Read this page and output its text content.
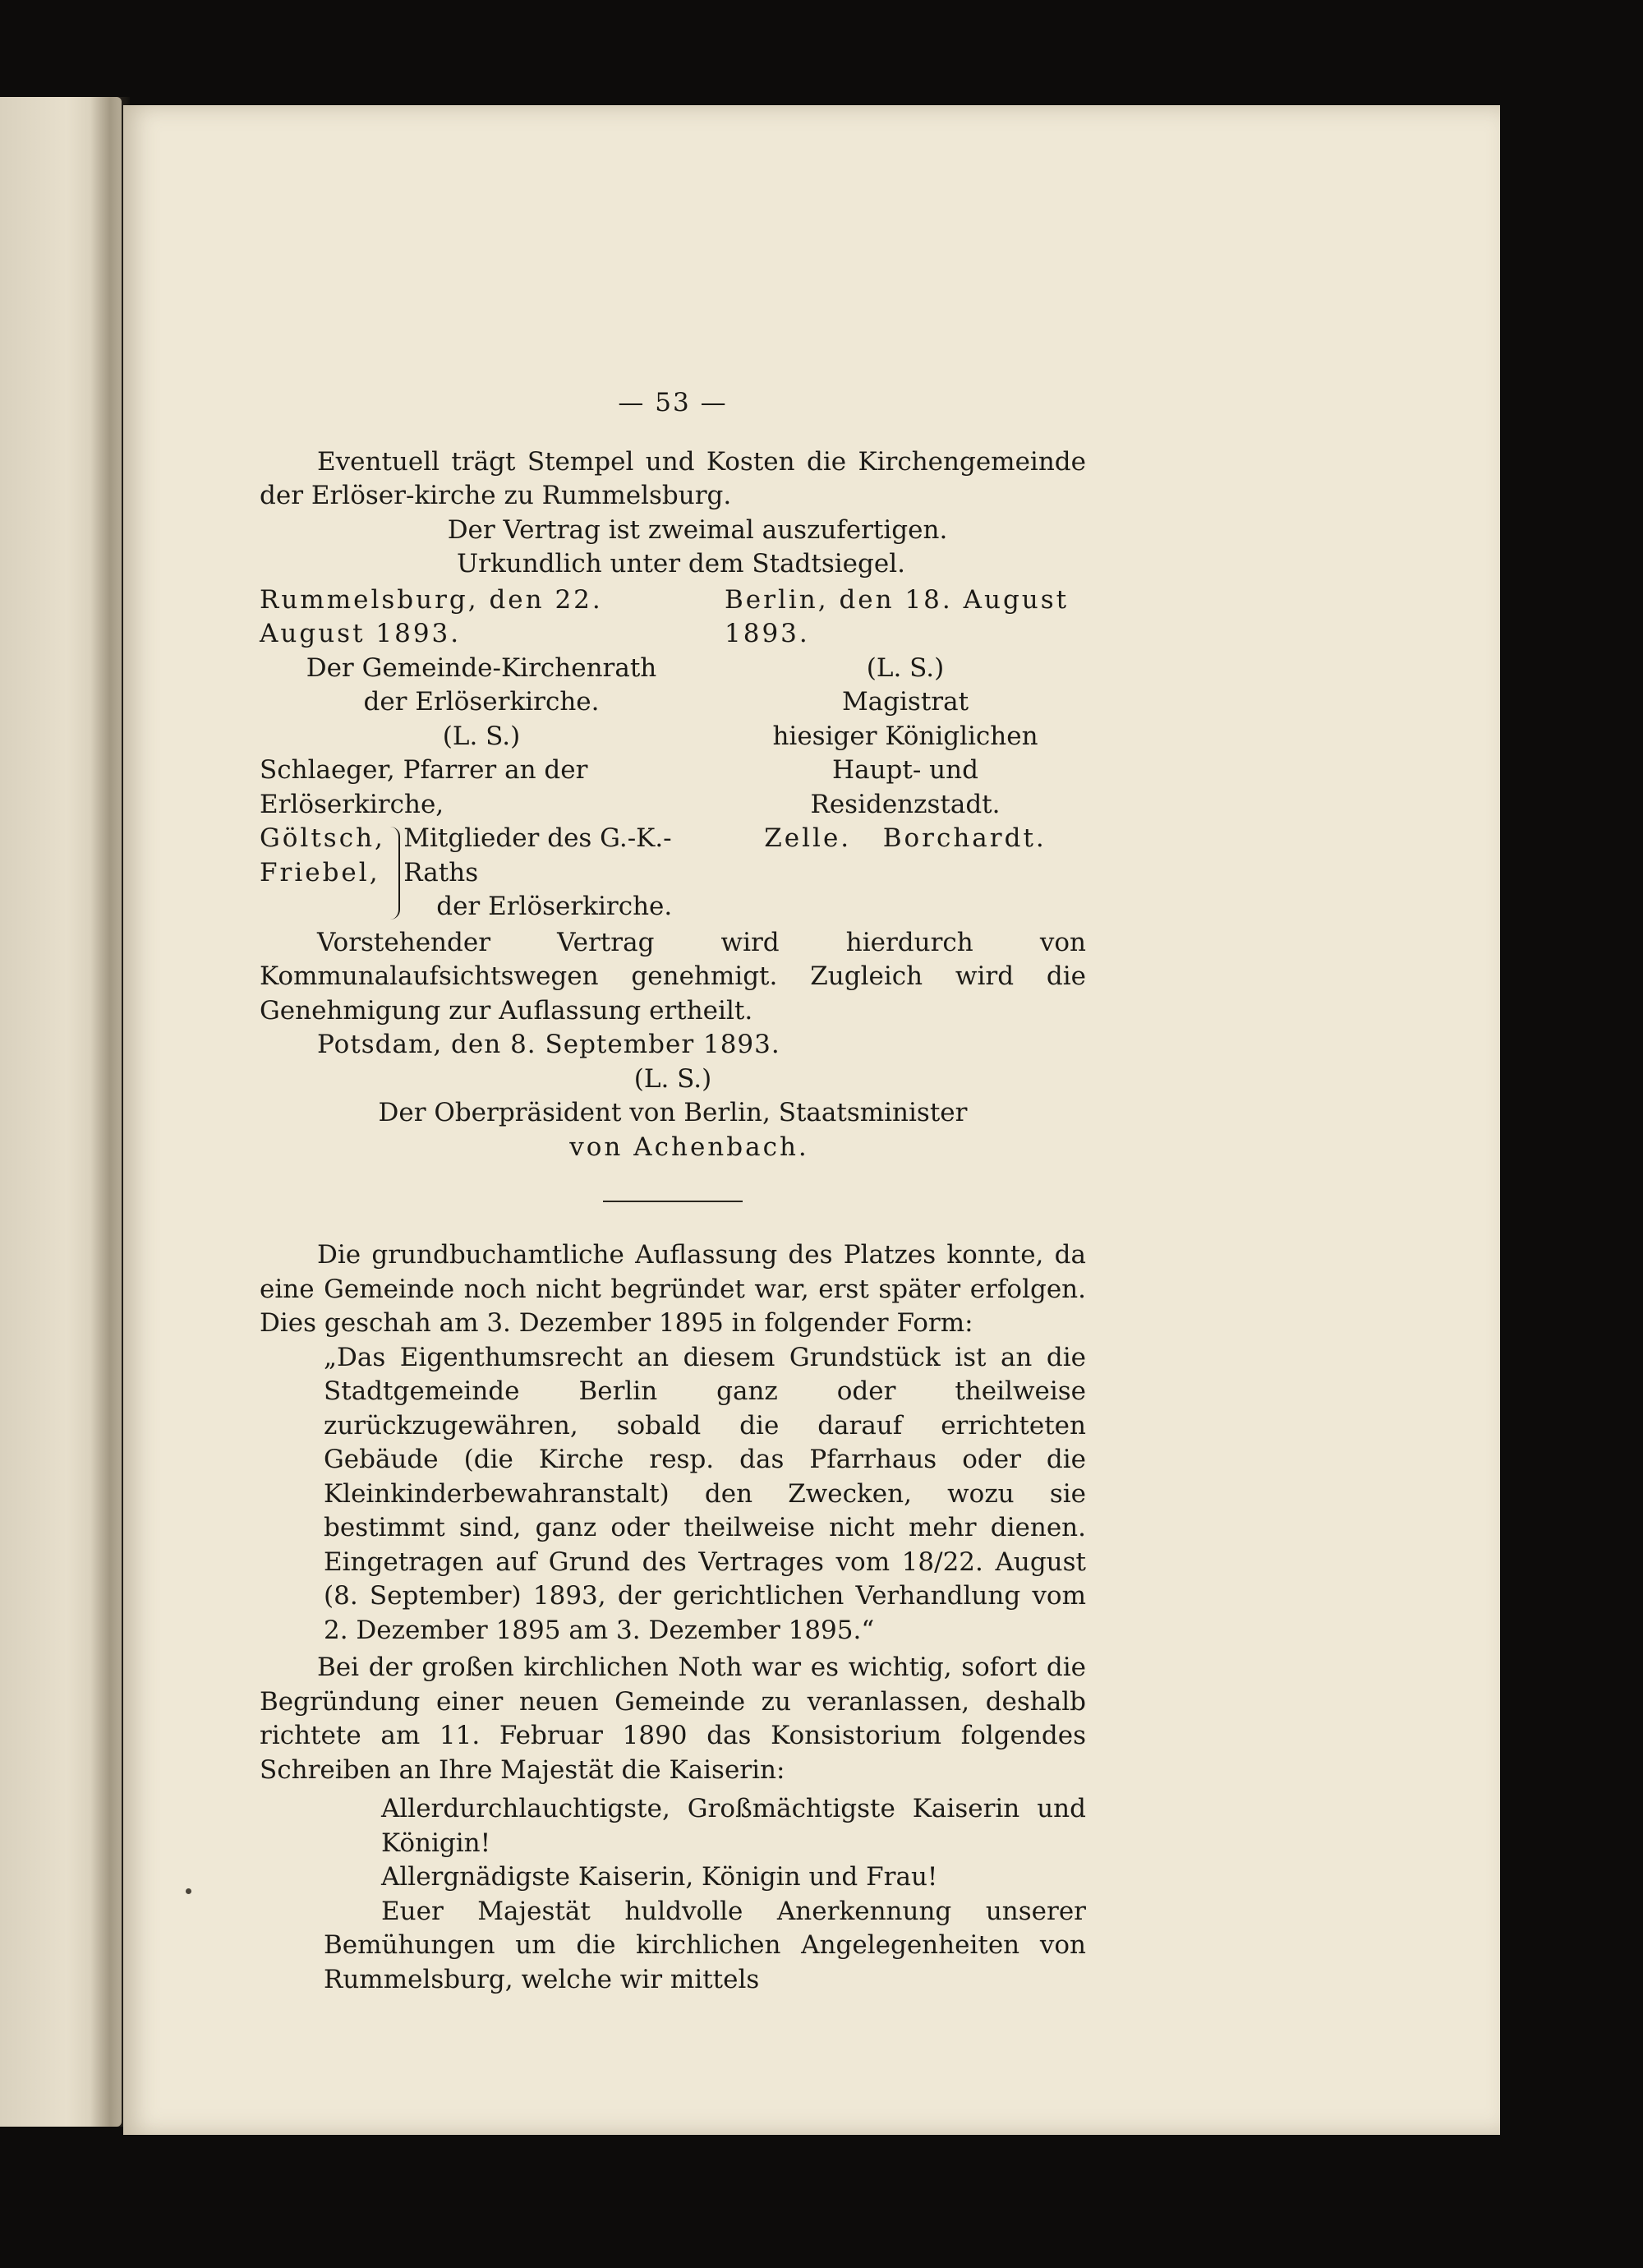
— 53 —

Eventuell trägt Stempel und Kosten die Kirchengemeinde der Erlöser-kirche zu Rummelsburg.

Der Vertrag ist zweimal auszufertigen.

Urkundlich unter dem Stadtsiegel.

Rummelsburg, den 22. August 1893.
Der Gemeinde-Kirchenrath
der Erlöserkirche.
(L. S.)
Schlaeger, Pfarrer an der Erlöserkirche,
Göltsch,
Friebel,
Mitglieder des G.-K.-Raths
der Erlöserkirche.
Berlin, den 18. August 1893.
(L. S.)
Magistrat
hiesiger Königlichen Haupt- und
Residenzstadt.
Zelle.   Borchardt.

Vorstehender Vertrag wird hierdurch von Kommunalaufsichtswegen genehmigt. Zugleich wird die Genehmigung zur Auflassung ertheilt.

Potsdam, den 8. September 1893.

(L. S.)

Der Oberpräsident von Berlin, Staatsminister

von Achenbach.

Die grundbuchamtliche Auflassung des Platzes konnte, da eine Gemeinde noch nicht begründet war, erst später erfolgen. Dies geschah am 3. Dezember 1895 in folgender Form:

„Das Eigenthumsrecht an diesem Grundstück ist an die Stadtgemeinde Berlin ganz oder theilweise zurückzugewähren, sobald die darauf errichteten Gebäude (die Kirche resp. das Pfarrhaus oder die Kleinkinderbewahranstalt) den Zwecken, wozu sie bestimmt sind, ganz oder theilweise nicht mehr dienen. Eingetragen auf Grund des Vertrages vom 18/22. August (8. September) 1893, der gerichtlichen Verhandlung vom 2. Dezember 1895 am 3. Dezember 1895.“

Bei der großen kirchlichen Noth war es wichtig, sofort die Begründung einer neuen Gemeinde zu veranlassen, deshalb richtete am 11. Februar 1890 das Konsistorium folgendes Schreiben an Ihre Majestät die Kaiserin:

Allerdurchlauchtigste, Großmächtigste Kaiserin und Königin!

Allergnädigste Kaiserin, Königin und Frau!

Euer Majestät huldvolle Anerkennung unserer Bemühungen um die kirchlichen Angelegenheiten von Rummelsburg, welche wir mittels
